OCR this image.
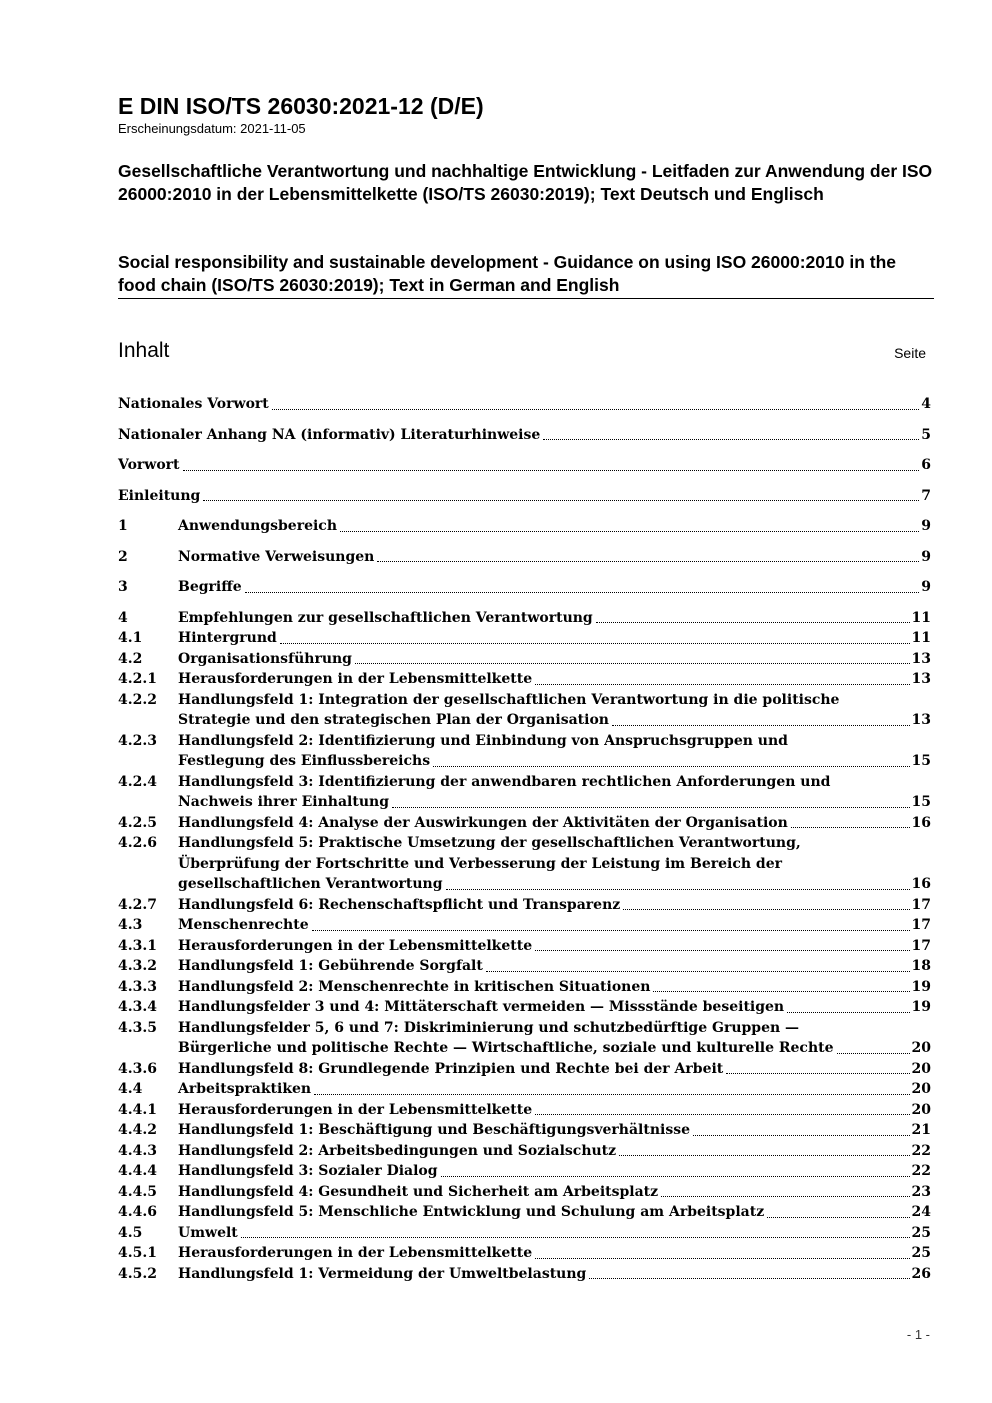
E DIN ISO/TS 26030:2021-12 (D/E)
Erscheinungsdatum: 2021-11-05
Gesellschaftliche Verantwortung und nachhaltige Entwicklung - Leitfaden zur Anwendung der ISO 26000:2010 in der Lebensmittelkette (ISO/TS 26030:2019); Text Deutsch und Englisch
Social responsibility and sustainable development - Guidance on using ISO 26000:2010 in the food chain (ISO/TS 26030:2019); Text in German and English
Inhalt	Seite
Nationales Vorwort	4
Nationaler Anhang NA (informativ) Literaturhinweise	5
Vorwort	6
Einleitung	7
1	Anwendungsbereich	9
2	Normative Verweisungen	9
3	Begriffe	9
4	Empfehlungen zur gesellschaftlichen Verantwortung	11
4.1	Hintergrund	11
4.2	Organisationsführung	13
4.2.1	Herausforderungen in der Lebensmittelkette	13
4.2.2	Handlungsfeld 1: Integration der gesellschaftlichen Verantwortung in die politische
Strategie und den strategischen Plan der Organisation	13
4.2.3	Handlungsfeld 2: Identifizierung und Einbindung von Anspruchsgruppen und
Festlegung des Einflussbereichs	15
4.2.4	Handlungsfeld 3: Identifizierung der anwendbaren rechtlichen Anforderungen und
Nachweis ihrer Einhaltung	15
4.2.5	Handlungsfeld 4: Analyse der Auswirkungen der Aktivitäten der Organisation	16
4.2.6	Handlungsfeld 5: Praktische Umsetzung der gesellschaftlichen Verantwortung,
Überprüfung der Fortschritte und Verbesserung der Leistung im Bereich der
gesellschaftlichen Verantwortung	16
4.2.7	Handlungsfeld 6: Rechenschaftspflicht und Transparenz	17
4.3	Menschenrechte	17
4.3.1	Herausforderungen in der Lebensmittelkette	17
4.3.2	Handlungsfeld 1: Gebührende Sorgfalt	18
4.3.3	Handlungsfeld 2: Menschenrechte in kritischen Situationen	19
4.3.4	Handlungsfelder 3 und 4: Mittäterschaft vermeiden — Missstände beseitigen	19
4.3.5	Handlungsfelder 5, 6 und 7: Diskriminierung und schutzbedürftige Gruppen —
Bürgerliche und politische Rechte — Wirtschaftliche, soziale und kulturelle Rechte	20
4.3.6	Handlungsfeld 8: Grundlegende Prinzipien und Rechte bei der Arbeit	20
4.4	Arbeitspraktiken	20
4.4.1	Herausforderungen in der Lebensmittelkette	20
4.4.2	Handlungsfeld 1: Beschäftigung und Beschäftigungsverhältnisse	21
4.4.3	Handlungsfeld 2: Arbeitsbedingungen und Sozialschutz	22
4.4.4	Handlungsfeld 3: Sozialer Dialog	22
4.4.5	Handlungsfeld 4: Gesundheit und Sicherheit am Arbeitsplatz	23
4.4.6	Handlungsfeld 5: Menschliche Entwicklung und Schulung am Arbeitsplatz	24
4.5	Umwelt	25
4.5.1	Herausforderungen in der Lebensmittelkette	25
4.5.2	Handlungsfeld 1: Vermeidung der Umweltbelastung	26
- 1 -
